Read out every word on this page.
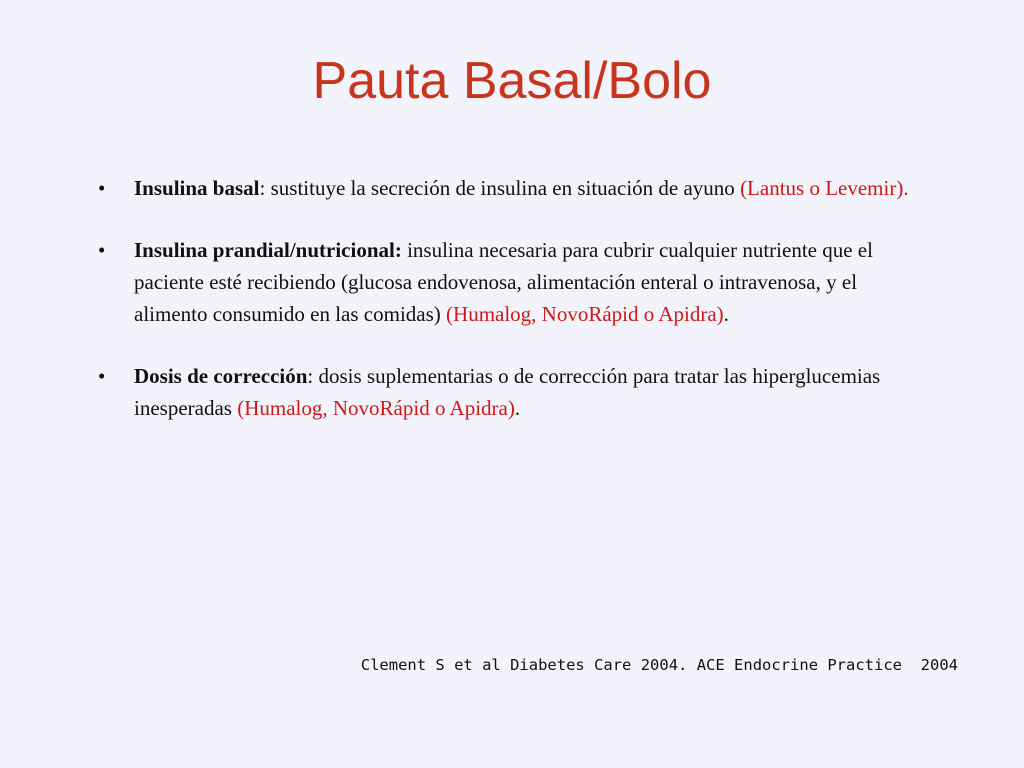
Pauta Basal/Bolo
• Insulina basal: sustituye la secreción de insulina en situación de ayuno (Lantus o Levemir).
• Insulina prandial/nutricional: insulina necesaria para cubrir cualquier nutriente que el paciente esté recibiendo (glucosa endovenosa, alimentación enteral o intravenosa, y el alimento consumido en las comidas) (Humalog, NovoRápid o Apidra).
• Dosis de corrección: dosis suplementarias o de corrección para tratar las hiperglucemias inesperadas (Humalog, NovoRápid o Apidra).
Clement S et al Diabetes Care 2004. ACE Endocrine Practice  2004
